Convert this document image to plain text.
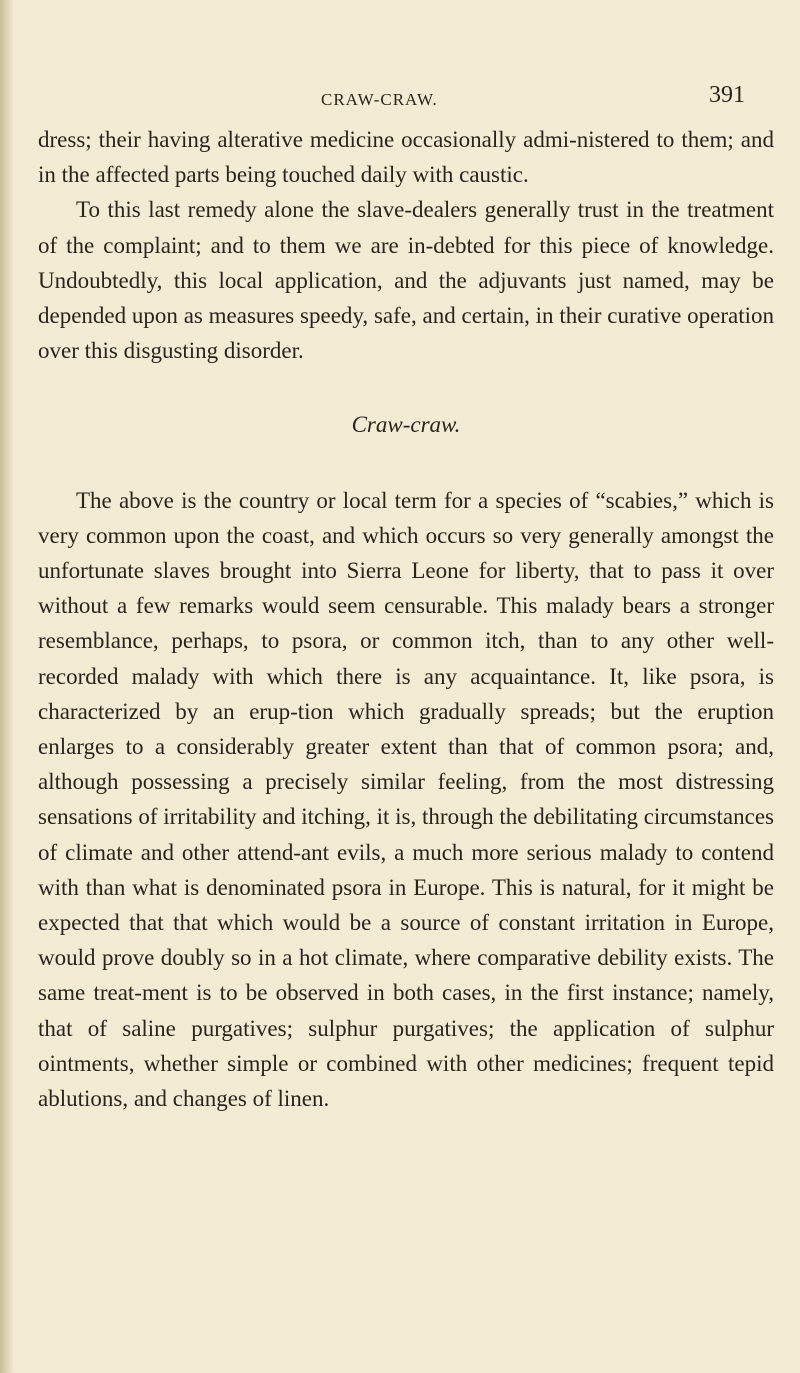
CRAW-CRAW.	391

dress; their having alterative medicine occasionally admi-nistered to them; and in the affected parts being touched daily with caustic.

To this last remedy alone the slave-dealers generally trust in the treatment of the complaint; and to them we are in-debted for this piece of knowledge. Undoubtedly, this local application, and the adjuvants just named, may be depended upon as measures speedy, safe, and certain, in their curative operation over this disgusting disorder.

Craw-craw.

The above is the country or local term for a species of “scabies,” which is very common upon the coast, and which occurs so very generally amongst the unfortunate slaves brought into Sierra Leone for liberty, that to pass it over without a few remarks would seem censurable. This malady bears a stronger resemblance, perhaps, to psora, or common itch, than to any other well-recorded malady with which there is any acquaintance. It, like psora, is characterized by an erup-tion which gradually spreads; but the eruption enlarges to a considerably greater extent than that of common psora; and, although possessing a precisely similar feeling, from the most distressing sensations of irritability and itching, it is, through the debilitating circumstances of climate and other attend-ant evils, a much more serious malady to contend with than what is denominated psora in Europe. This is natural, for it might be expected that that which would be a source of constant irritation in Europe, would prove doubly so in a hot climate, where comparative debility exists. The same treat-ment is to be observed in both cases, in the first instance; namely, that of saline purgatives; sulphur purgatives; the application of sulphur ointments, whether simple or combined with other medicines; frequent tepid ablutions, and changes of linen.
